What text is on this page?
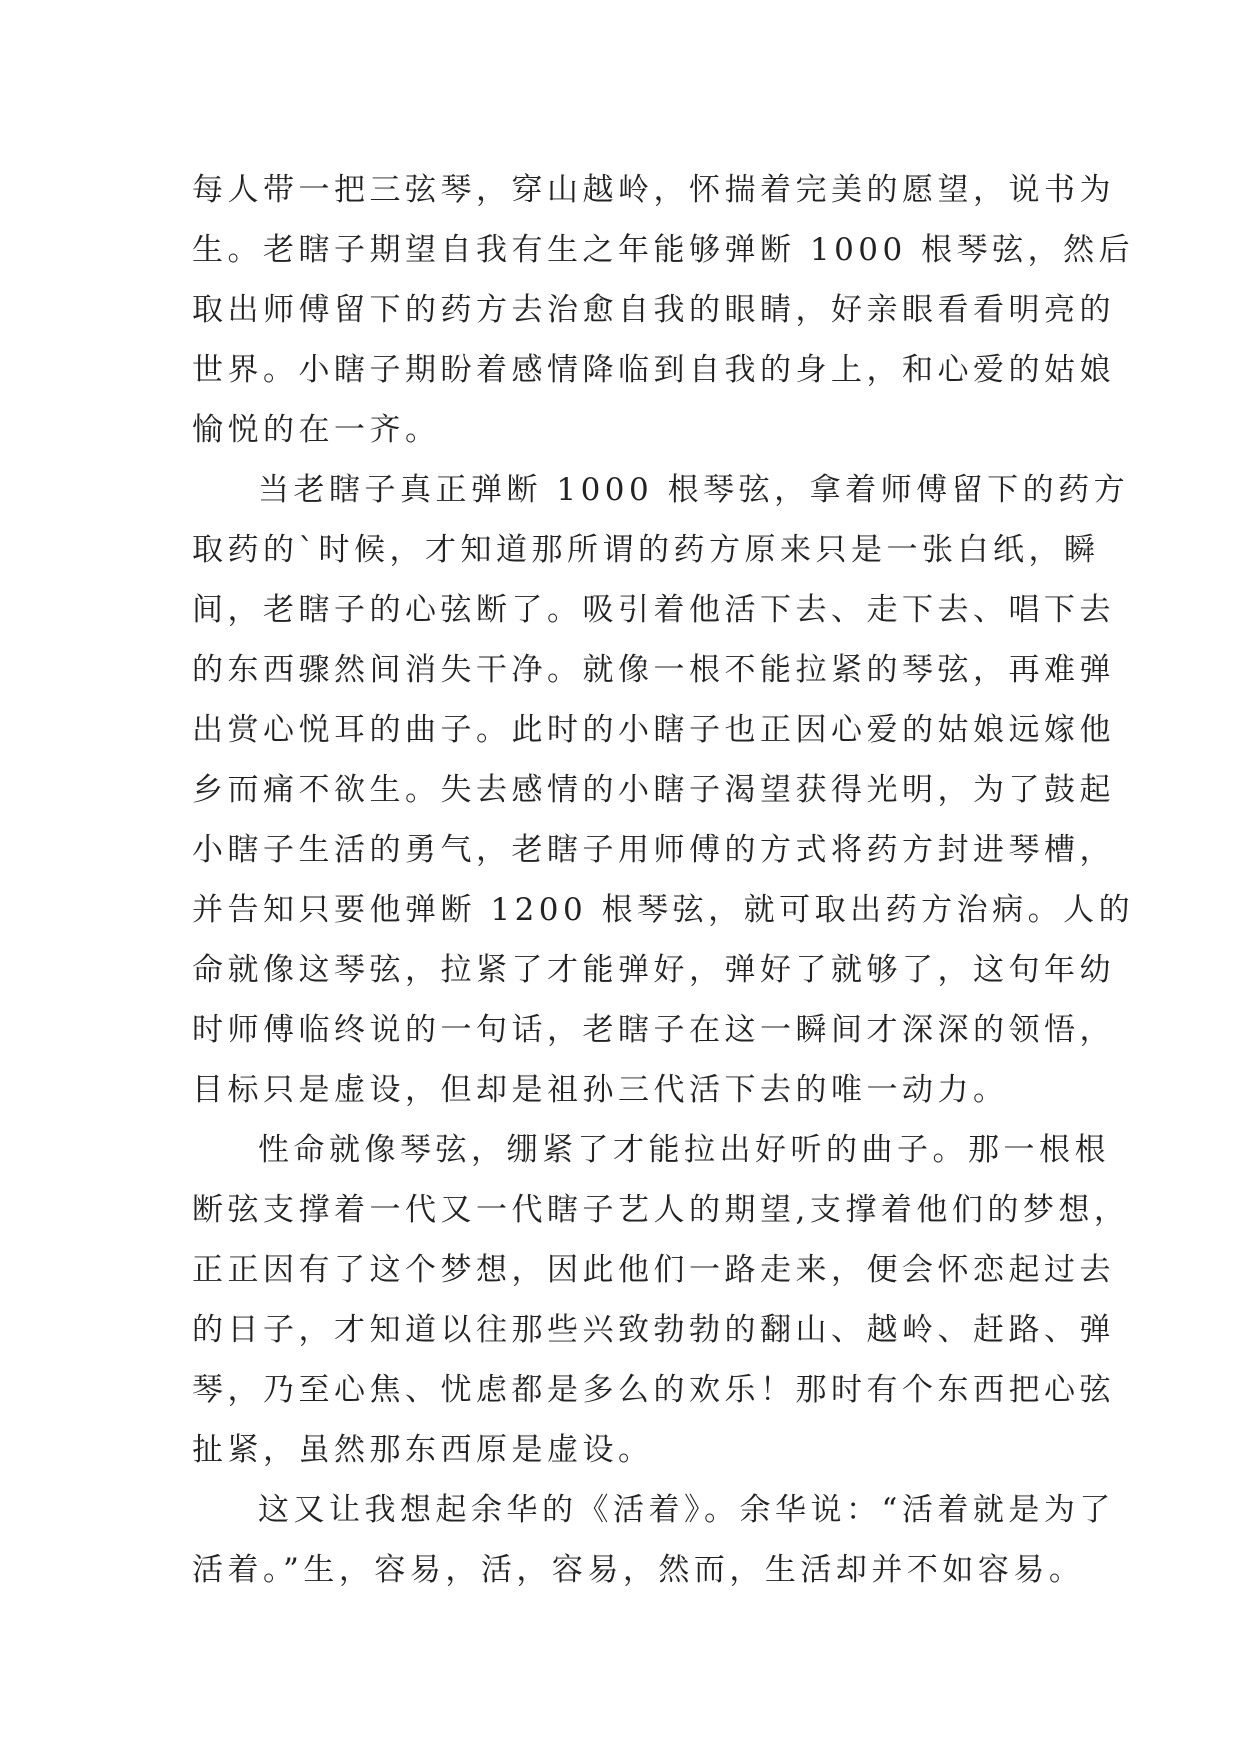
每人带一把三弦琴，穿山越岭，怀揣着完美的愿望，说书为
生。老瞎子期望自我有生之年能够弹断 1000 根琴弦，然后
取出师傅留下的药方去治愈自我的眼睛，好亲眼看看明亮的
世界。小瞎子期盼着感情降临到自我的身上，和心爱的姑娘
愉悦的在一齐。
当老瞎子真正弹断 1000 根琴弦，拿着师傅留下的药方
取药的`时候，才知道那所谓的药方原来只是一张白纸，瞬
间，老瞎子的心弦断了。吸引着他活下去、走下去、唱下去
的东西骤然间消失干净。就像一根不能拉紧的琴弦，再难弹
出赏心悦耳的曲子。此时的小瞎子也正因心爱的姑娘远嫁他
乡而痛不欲生。失去感情的小瞎子渴望获得光明，为了鼓起
小瞎子生活的勇气，老瞎子用师傅的方式将药方封进琴槽，
并告知只要他弹断 1200 根琴弦，就可取出药方治病。人的
命就像这琴弦，拉紧了才能弹好，弹好了就够了，这句年幼
时师傅临终说的一句话，老瞎子在这一瞬间才深深的领悟，
目标只是虚设，但却是祖孙三代活下去的唯一动力。
性命就像琴弦，绷紧了才能拉出好听的曲子。那一根根
断弦支撑着一代又一代瞎子艺人的期望,支撑着他们的梦想，
正正因有了这个梦想，因此他们一路走来，便会怀恋起过去
的日子，才知道以往那些兴致勃勃的翻山、越岭、赶路、弹
琴，乃至心焦、忧虑都是多么的欢乐！那时有个东西把心弦
扯紧，虽然那东西原是虚设。
这又让我想起余华的《活着》。余华说：“活着就是为了
活着。”生，容易，活，容易，然而，生活却并不如容易。
